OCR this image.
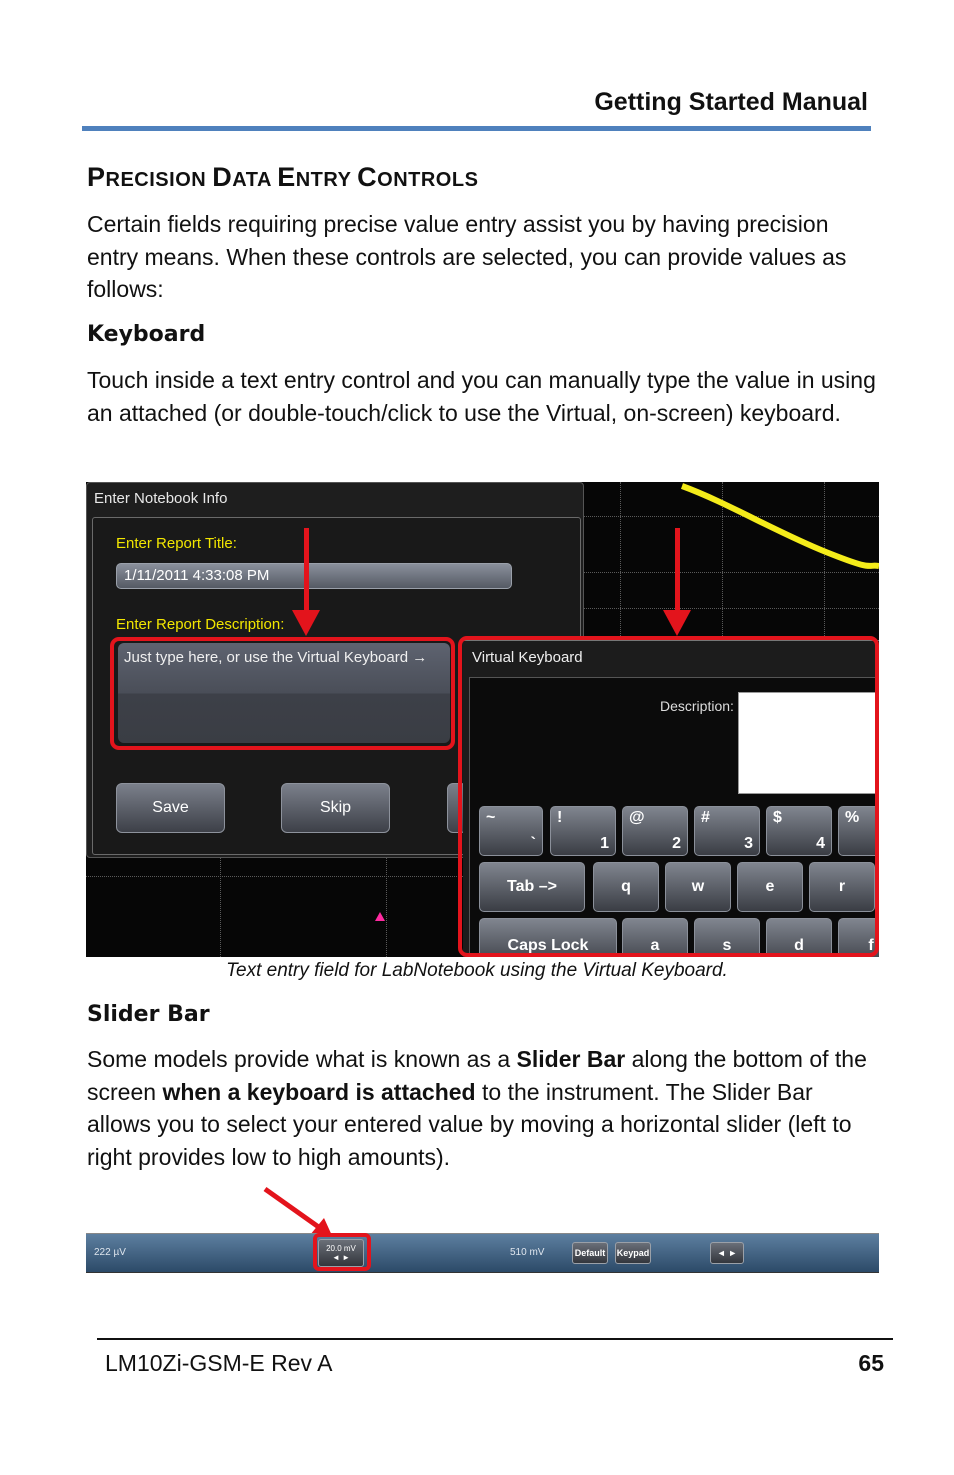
Getting Started Manual
PRECISION DATA ENTRY CONTROLS
Certain fields requiring precise value entry assist you by having precision entry means. When these controls are selected, you can provide values as follows:
Keyboard
Touch inside a text entry control and you can manually type the value in using an attached (or double-touch/click to use the Virtual, on-screen) keyboard.
Enter Notebook Info
Enter Report Title:
1/11/2011 4:33:08 PM
Enter Report Description:
Just type here, or use the Virtual Keyboard →
Save	Skip
Virtual Keyboard
Description:
~
`
!
1
@
2
#
3
$
4
%
Tab –>	q	w	e	r
Caps Lock	a	s	d	f
Text entry field for LabNotebook using the Virtual Keyboard.
Slider Bar
Some models provide what is known as a Slider Bar along the bottom of the screen when a keyboard is attached to the instrument. The Slider Bar allows you to select your entered value by moving a horizontal slider (left to right provides low to high amounts).
222 µV	20.0 mV
◄ ►	510 mV	Default	Keypad	◄ ►
LM10Zi-GSM-E Rev A	65
